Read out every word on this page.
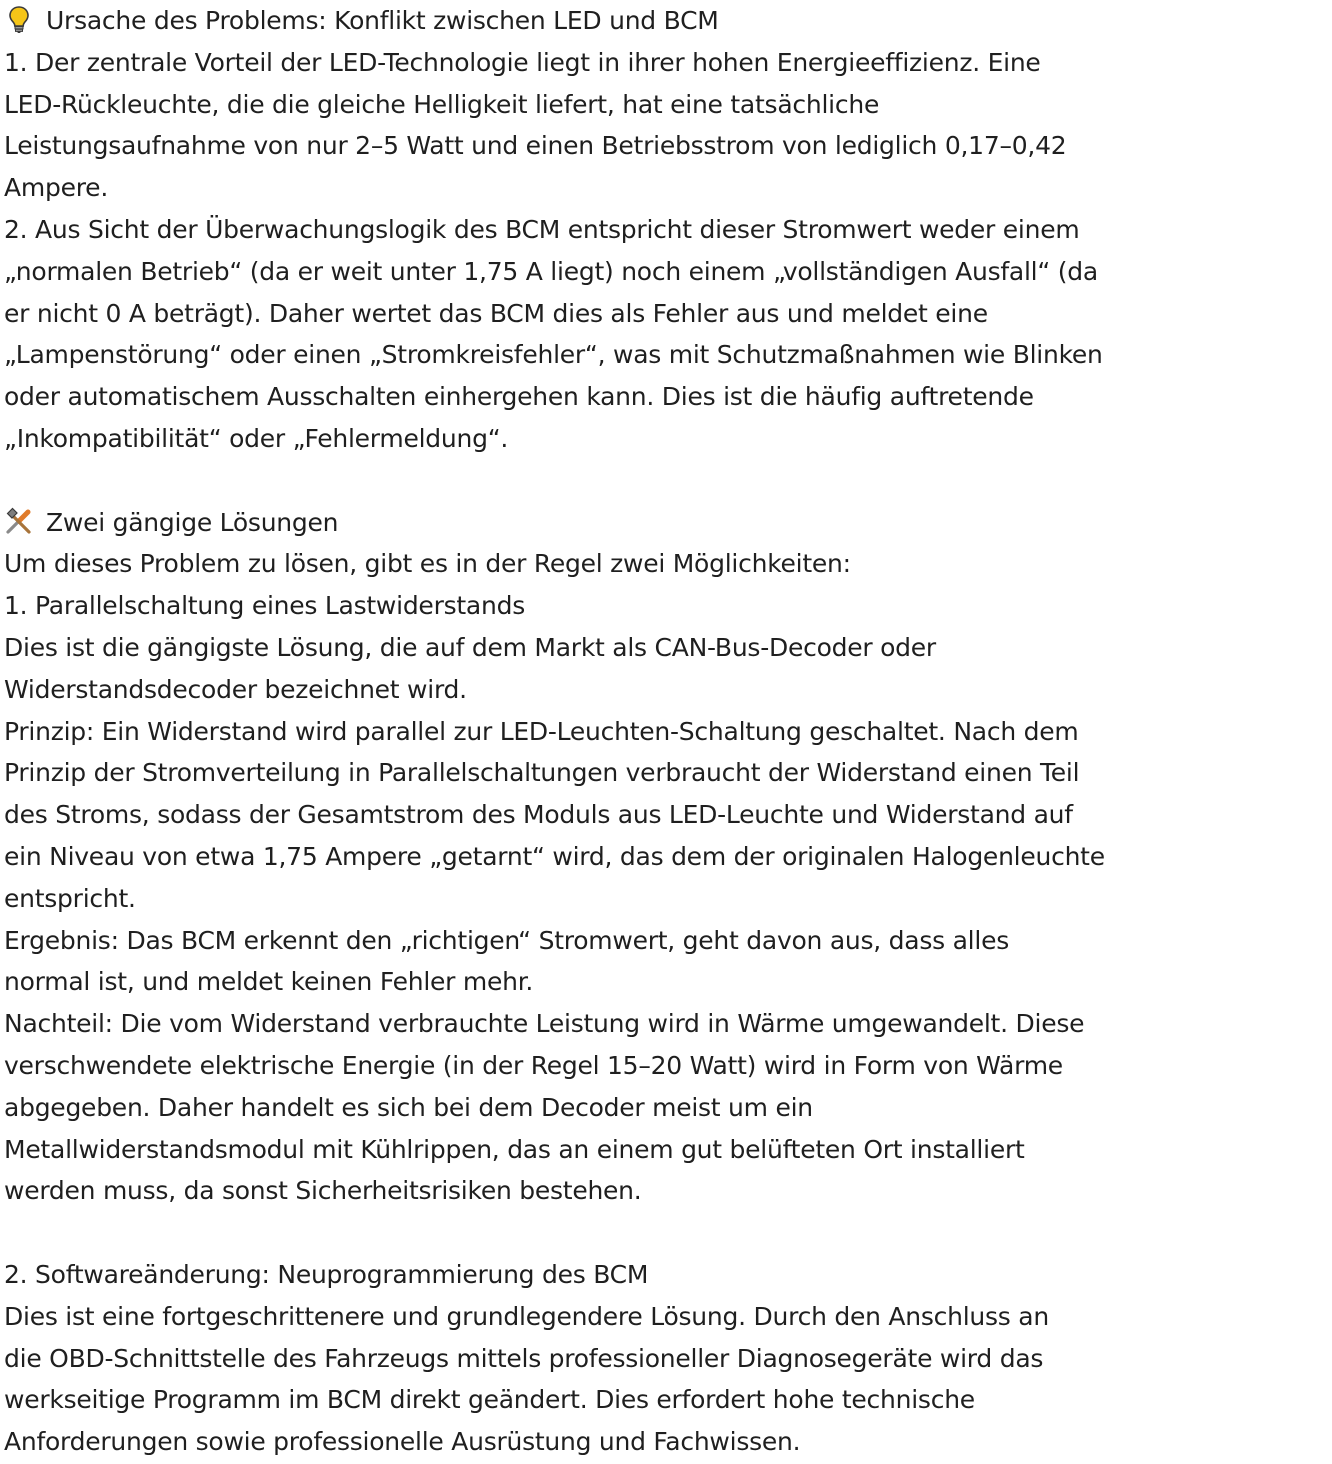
Ursache des Problems: Konflikt zwischen LED und BCM
1. Der zentrale Vorteil der LED-Technologie liegt in ihrer hohen Energieeffizienz. Eine
LED-Rückleuchte, die die gleiche Helligkeit liefert, hat eine tatsächliche
Leistungsaufnahme von nur 2–5 Watt und einen Betriebsstrom von lediglich 0,17–0,42
Ampere.
2. Aus Sicht der Überwachungslogik des BCM entspricht dieser Stromwert weder einem
„normalen Betrieb“ (da er weit unter 1,75 A liegt) noch einem „vollständigen Ausfall“ (da
er nicht 0 A beträgt). Daher wertet das BCM dies als Fehler aus und meldet eine
„Lampenstörung“ oder einen „Stromkreisfehler“, was mit Schutzmaßnahmen wie Blinken
oder automatischem Ausschalten einhergehen kann. Dies ist die häufig auftretende
„Inkompatibilität“ oder „Fehlermeldung“.
Zwei gängige Lösungen
Um dieses Problem zu lösen, gibt es in der Regel zwei Möglichkeiten:
1. Parallelschaltung eines Lastwiderstands
Dies ist die gängigste Lösung, die auf dem Markt als CAN-Bus-Decoder oder
Widerstandsdecoder bezeichnet wird.
Prinzip: Ein Widerstand wird parallel zur LED-Leuchten-Schaltung geschaltet. Nach dem
Prinzip der Stromverteilung in Parallelschaltungen verbraucht der Widerstand einen Teil
des Stroms, sodass der Gesamtstrom des Moduls aus LED-Leuchte und Widerstand auf
ein Niveau von etwa 1,75 Ampere „getarnt“ wird, das dem der originalen Halogenleuchte
entspricht.
Ergebnis: Das BCM erkennt den „richtigen“ Stromwert, geht davon aus, dass alles
normal ist, und meldet keinen Fehler mehr.
Nachteil: Die vom Widerstand verbrauchte Leistung wird in Wärme umgewandelt. Diese
verschwendete elektrische Energie (in der Regel 15–20 Watt) wird in Form von Wärme
abgegeben. Daher handelt es sich bei dem Decoder meist um ein
Metallwiderstandsmodul mit Kühlrippen, das an einem gut belüfteten Ort installiert
werden muss, da sonst Sicherheitsrisiken bestehen.
2. Softwareänderung: Neuprogrammierung des BCM
Dies ist eine fortgeschrittenere und grundlegendere Lösung. Durch den Anschluss an
die OBD-Schnittstelle des Fahrzeugs mittels professioneller Diagnosegeräte wird das
werkseitige Programm im BCM direkt geändert. Dies erfordert hohe technische
Anforderungen sowie professionelle Ausrüstung und Fachwissen.
